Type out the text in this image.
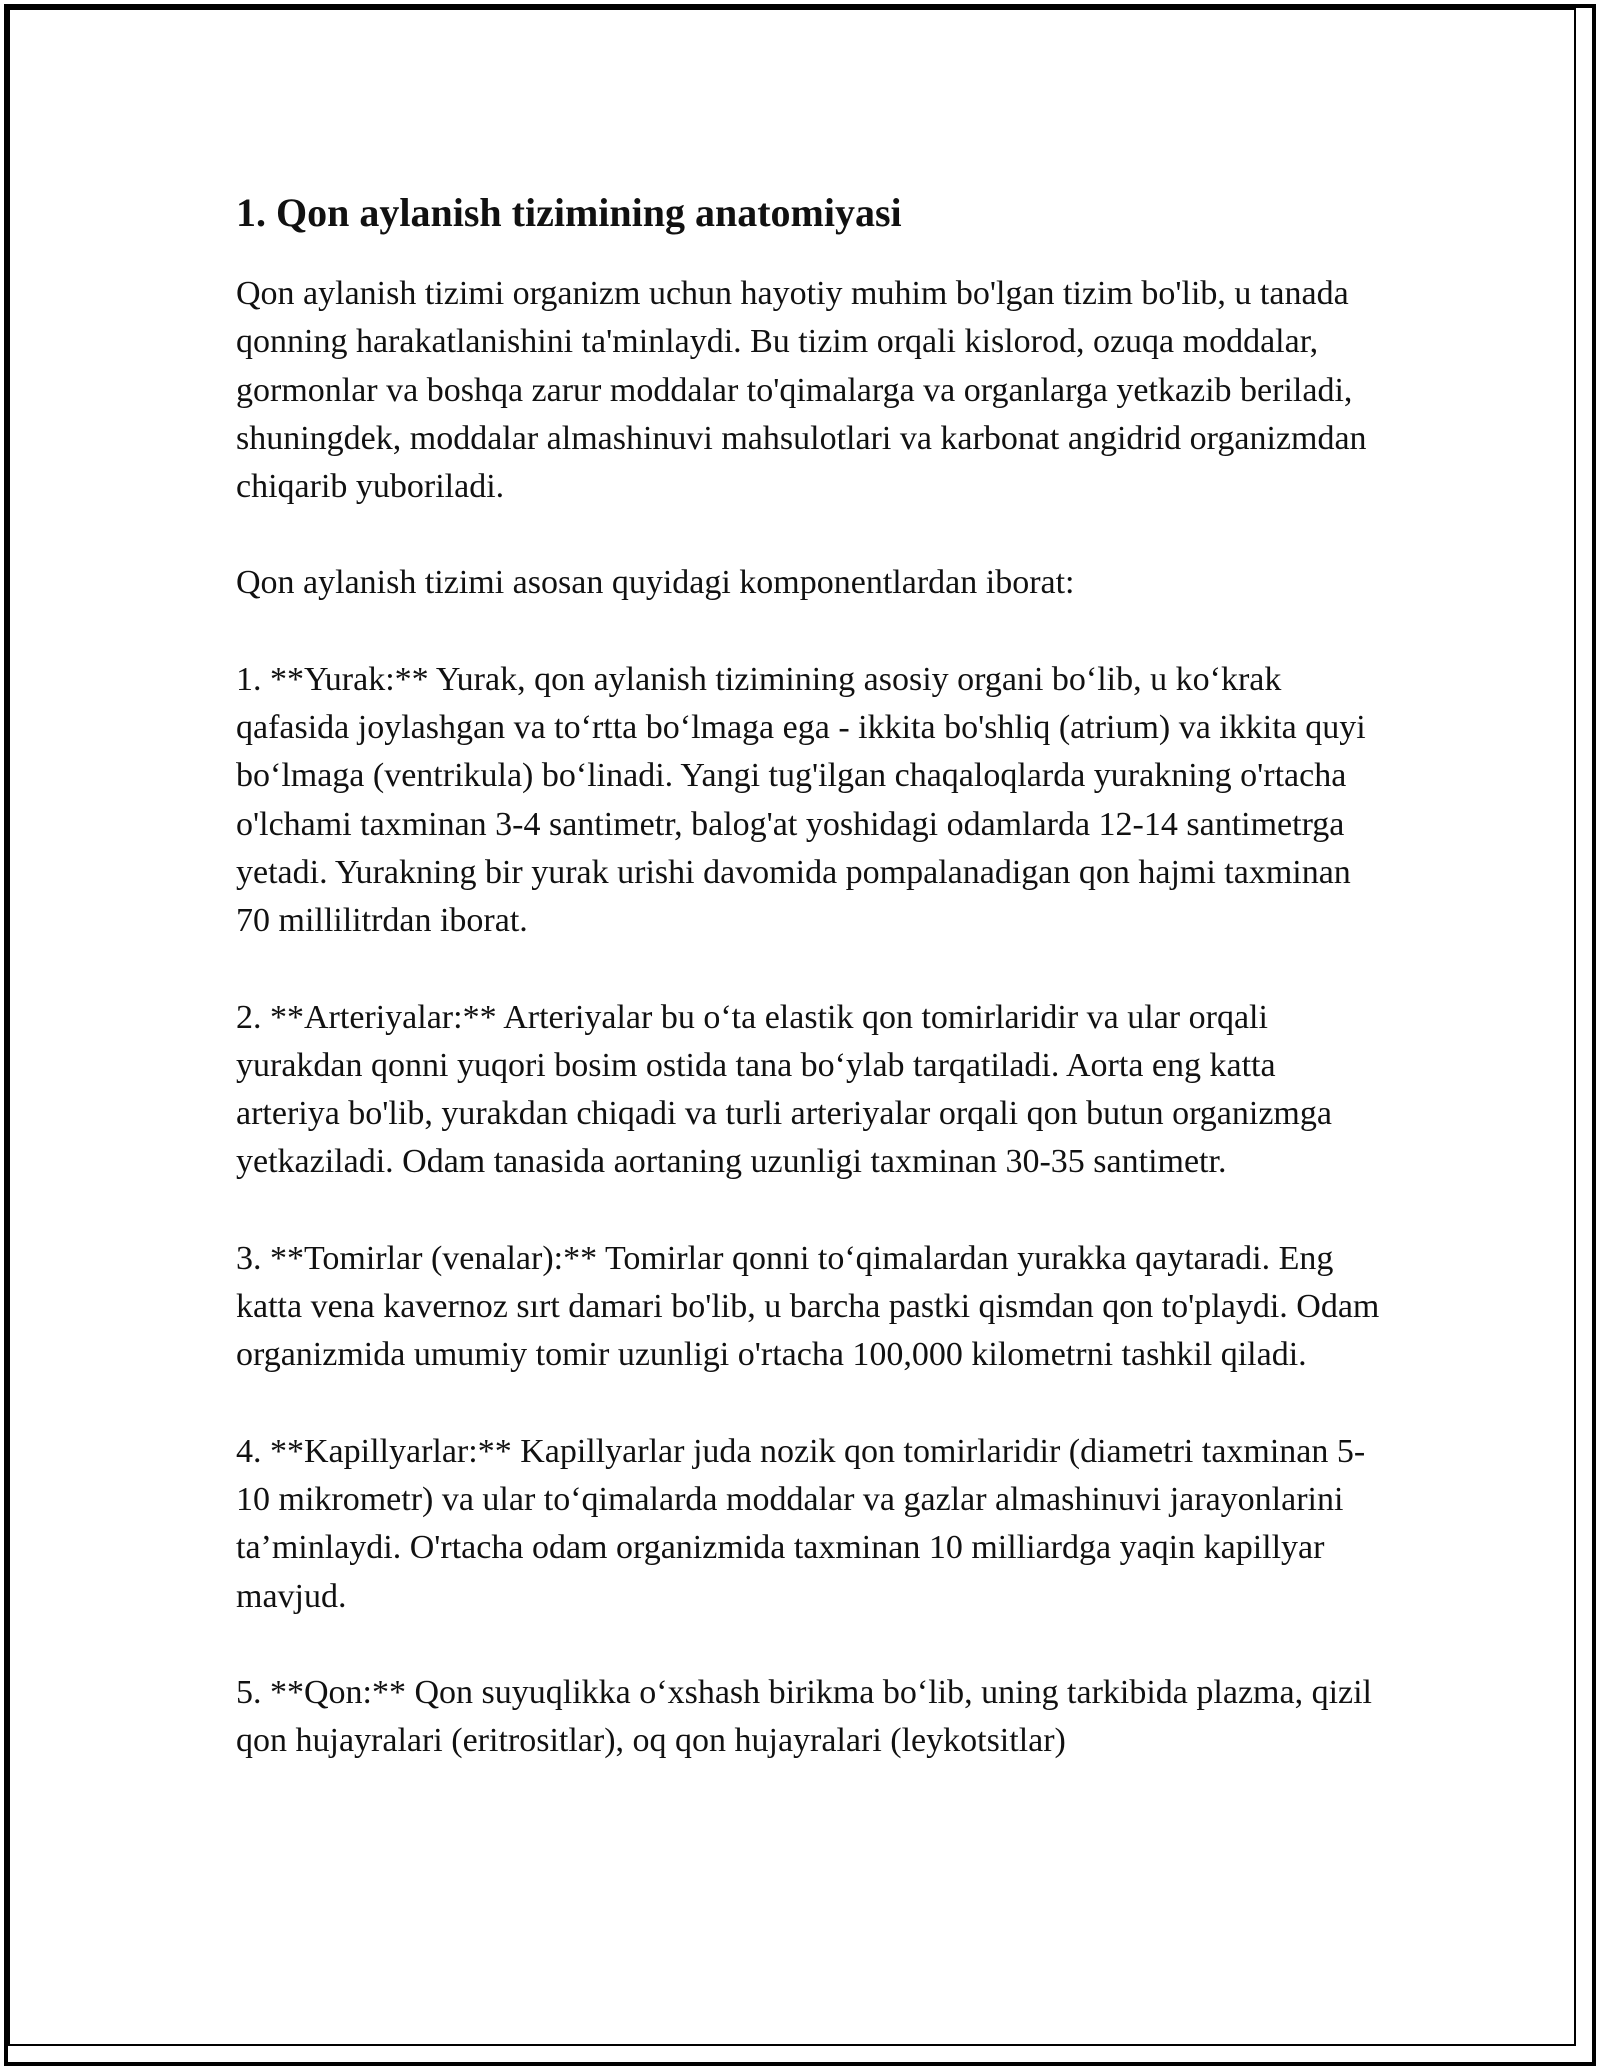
1. Qon aylanish tizimining anatomiyasi

Qon aylanish tizimi organizm uchun hayotiy muhim bo'lgan tizim bo'lib, u tanada qonning harakatlanishini ta'minlaydi. Bu tizim orqali kislorod, ozuqa moddalar, gormonlar va boshqa zarur moddalar to'qimalarga va organlarga yetkazib beriladi, shuningdek, moddalar almashinuvi mahsulotlari va karbonat angidrid organizmdan chiqarib yuboriladi.

Qon aylanish tizimi asosan quyidagi komponentlardan iborat:

1. **Yurak:** Yurak, qon aylanish tizimining asosiy organi bo‘lib, u ko‘krak qafasida joylashgan va to‘rtta bo‘lmaga ega - ikkita bo'shliq (atrium) va ikkita quyi bo‘lmaga (ventrikula) bo‘linadi. Yangi tug'ilgan chaqaloqlarda yurakning o'rtacha o'lchami taxminan 3-4 santimetr, balog'at yoshidagi odamlarda 12-14 santimetrga yetadi. Yurakning bir yurak urishi davomida pompalanadigan qon hajmi taxminan 70 millilitrdan iborat.

2. **Arteriyalar:** Arteriyalar bu o‘ta elastik qon tomirlaridir va ular orqali yurakdan qonni yuqori bosim ostida tana bo‘ylab tarqatiladi. Aorta eng katta arteriya bo'lib, yurakdan chiqadi va turli arteriyalar orqali qon butun organizmga yetkaziladi. Odam tanasida aortaning uzunligi taxminan 30-35 santimetr.

3. **Tomirlar (venalar):** Tomirlar qonni to‘qimalardan yurakka qaytaradi. Eng katta vena kavernoz sırt damari bo'lib, u barcha pastki qismdan qon to'playdi. Odam organizmida umumiy tomir uzunligi o'rtacha 100,000 kilometrni tashkil qiladi.

4. **Kapillyarlar:** Kapillyarlar juda nozik qon tomirlaridir (diametri taxminan 5-10 mikrometr) va ular to‘qimalarda moddalar va gazlar almashinuvi jarayonlarini ta’minlaydi. O'rtacha odam organizmida taxminan 10 milliardga yaqin kapillyar mavjud.

5. **Qon:** Qon suyuqlikka o‘xshash birikma bo‘lib, uning tarkibida plazma, qizil qon hujayralari (eritrositlar), oq qon hujayralari (leykotsitlar)
